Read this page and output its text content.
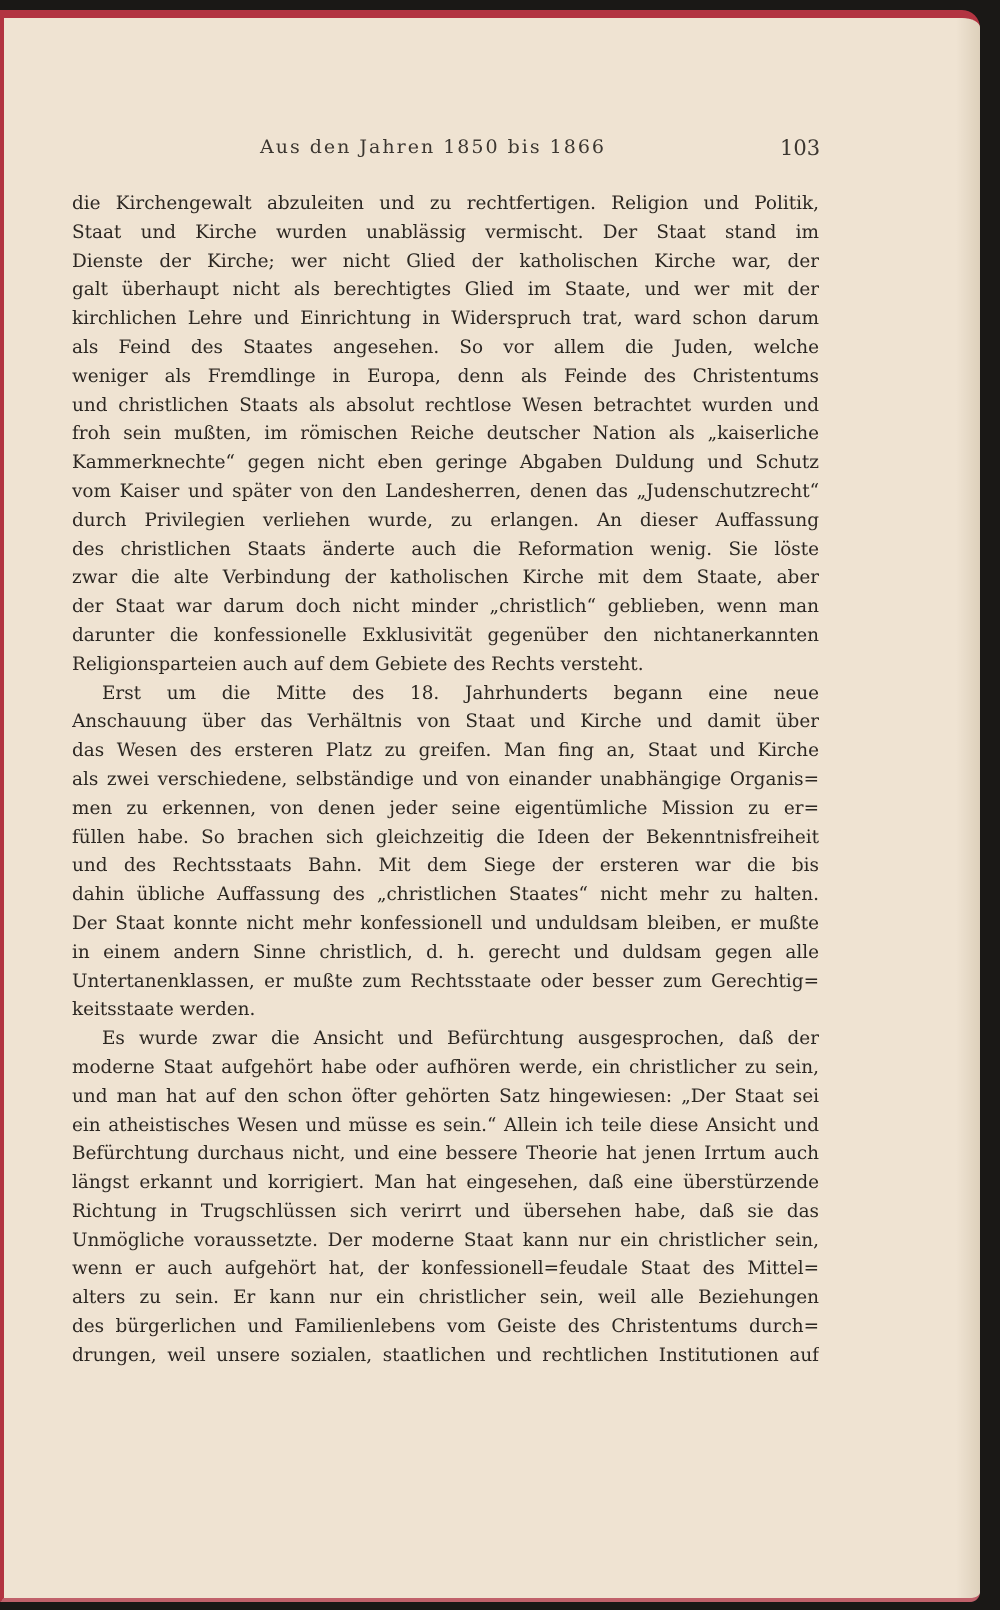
Aus den Jahren 1850 bis 1866	103
die Kirchengewalt abzuleiten und zu rechtfertigen. Religion und Politik,
Staat und Kirche wurden unablässig vermischt. Der Staat stand im
Dienste der Kirche; wer nicht Glied der katholischen Kirche war, der
galt überhaupt nicht als berechtigtes Glied im Staate, und wer mit der
kirchlichen Lehre und Einrichtung in Widerspruch trat, ward schon darum
als Feind des Staates angesehen. So vor allem die Juden, welche
weniger als Fremdlinge in Europa, denn als Feinde des Christentums
und christlichen Staats als absolut rechtlose Wesen betrachtet wurden und
froh sein mußten, im römischen Reiche deutscher Nation als „kaiserliche
Kammerknechte“ gegen nicht eben geringe Abgaben Duldung und Schutz
vom Kaiser und später von den Landesherren, denen das „Judenschutzrecht“
durch Privilegien verliehen wurde, zu erlangen. An dieser Auffassung
des christlichen Staats änderte auch die Reformation wenig. Sie löste
zwar die alte Verbindung der katholischen Kirche mit dem Staate, aber
der Staat war darum doch nicht minder „christlich“ geblieben, wenn man
darunter die konfessionelle Exklusivität gegenüber den nichtanerkannten
Religionsparteien auch auf dem Gebiete des Rechts versteht.
Erst um die Mitte des 18. Jahrhunderts begann eine neue
Anschauung über das Verhältnis von Staat und Kirche und damit über
das Wesen des ersteren Platz zu greifen. Man fing an, Staat und Kirche
als zwei verschiedene, selbständige und von einander unabhängige Organis=
men zu erkennen, von denen jeder seine eigentümliche Mission zu er=
füllen habe. So brachen sich gleichzeitig die Ideen der Bekenntnisfreiheit
und des Rechtsstaats Bahn. Mit dem Siege der ersteren war die bis
dahin übliche Auffassung des „christlichen Staates“ nicht mehr zu halten.
Der Staat konnte nicht mehr konfessionell und unduldsam bleiben, er mußte
in einem andern Sinne christlich, d. h. gerecht und duldsam gegen alle
Untertanenklassen, er mußte zum Rechtsstaate oder besser zum Gerechtig=
keitsstaate werden.
Es wurde zwar die Ansicht und Befürchtung ausgesprochen, daß der
moderne Staat aufgehört habe oder aufhören werde, ein christlicher zu sein,
und man hat auf den schon öfter gehörten Satz hingewiesen: „Der Staat sei
ein atheistisches Wesen und müsse es sein.“ Allein ich teile diese Ansicht und
Befürchtung durchaus nicht, und eine bessere Theorie hat jenen Irrtum auch
längst erkannt und korrigiert. Man hat eingesehen, daß eine überstürzende
Richtung in Trugschlüssen sich verirrt und übersehen habe, daß sie das
Unmögliche voraussetzte. Der moderne Staat kann nur ein christlicher sein,
wenn er auch aufgehört hat, der konfessionell=feudale Staat des Mittel=
alters zu sein. Er kann nur ein christlicher sein, weil alle Beziehungen
des bürgerlichen und Familienlebens vom Geiste des Christentums durch=
drungen, weil unsere sozialen, staatlichen und rechtlichen Institutionen auf
